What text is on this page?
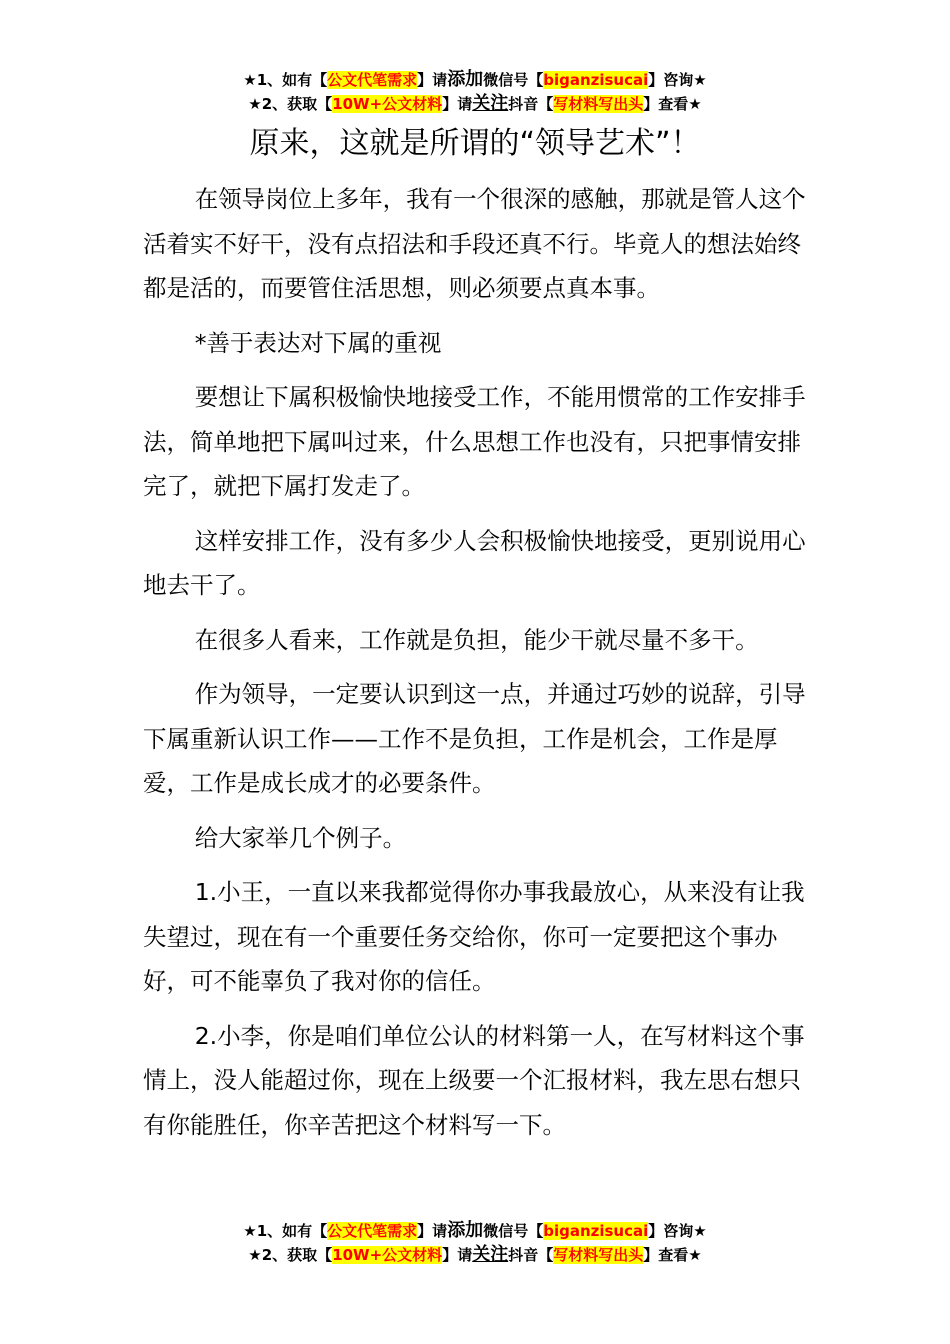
★1、如有【公文代笔需求】请添加微信号【biganzisucai】咨询★
★2、获取【10W+公文材料】请关注抖音【写材料写出头】查看★
原来，这就是所谓的“领导艺术”！

在领导岗位上多年，我有一个很深的感触，那就是管人这个活着实不好干，没有点招法和手段还真不行。毕竟人的想法始终都是活的，而要管住活思想，则必须要点真本事。

*善于表达对下属的重视

要想让下属积极愉快地接受工作，不能用惯常的工作安排手法，简单地把下属叫过来，什么思想工作也没有，只把事情安排完了，就把下属打发走了。

这样安排工作，没有多少人会积极愉快地接受，更别说用心地去干了。

在很多人看来，工作就是负担，能少干就尽量不多干。

作为领导，一定要认识到这一点，并通过巧妙的说辞，引导下属重新认识工作——工作不是负担，工作是机会，工作是厚爱，工作是成长成才的必要条件。

给大家举几个例子。

1.小王，一直以来我都觉得你办事我最放心，从来没有让我失望过，现在有一个重要任务交给你，你可一定要把这个事办好，可不能辜负了我对你的信任。

2.小李，你是咱们单位公认的材料第一人，在写材料这个事情上，没人能超过你，现在上级要一个汇报材料，我左思右想只有你能胜任，你辛苦把这个材料写一下。

★1、如有【公文代笔需求】请添加微信号【biganzisucai】咨询★
★2、获取【10W+公文材料】请关注抖音【写材料写出头】查看★
